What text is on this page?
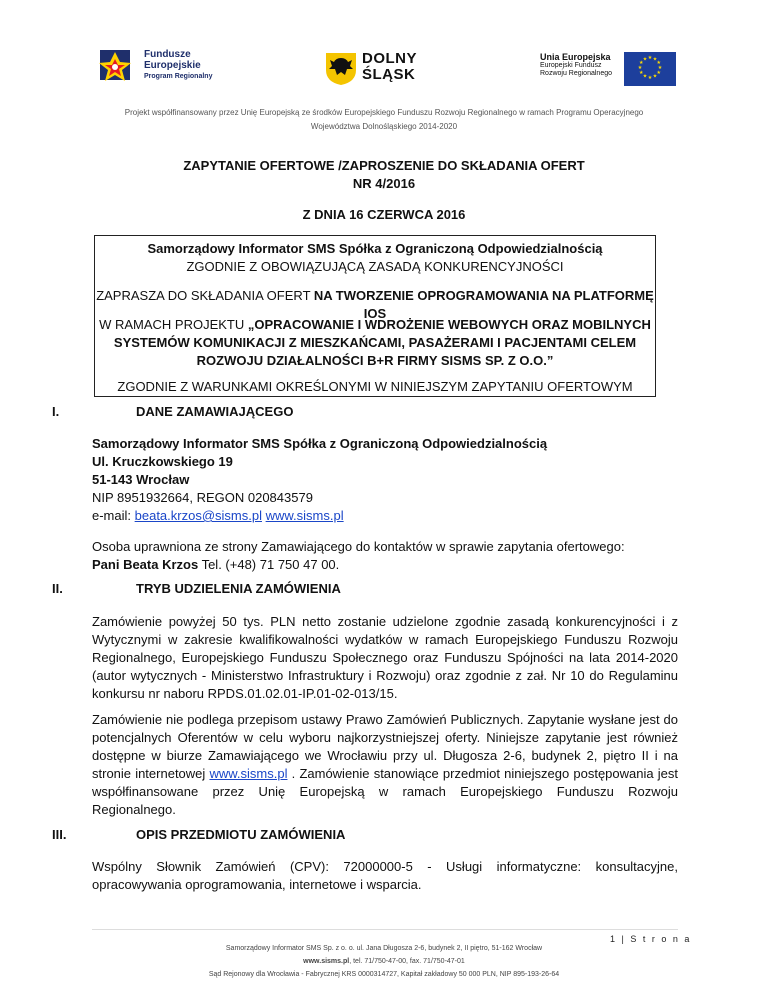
Fundusze
Europejskie
Program Regionalny
DOLNY
ŚLĄSK
Unia Europejska
Europejski Fundusz
Rozwoju Regionalnego
★ ★
★
★
★
★
★
★
★
★
★
★
Projekt współfinansowany przez Unię Europejską ze środków Europejskiego Funduszu Rozwoju Regionalnego w ramach Programu Operacyjnego
Województwa Dolnośląskiego 2014-2020
ZAPYTANIE OFERTOWE /ZAPROSZENIE DO SKŁADANIA OFERT
NR 4/2016
Z DNIA 16 CZERWCA 2016
Samorządowy Informator SMS Spółka z Ograniczoną Odpowiedzialnością
ZGODNIE Z OBOWIĄZUJĄCĄ ZASADĄ KONKURENCYJNOŚCI
ZAPRASZA DO SKŁADANIA OFERT NA TWORZENIE OPROGRAMOWANIA NA PLATFORMĘ IOS
W RAMACH PROJEKTU „OPRACOWANIE I WDROŻENIE WEBOWYCH ORAZ MOBILNYCH
SYSTEMÓW KOMUNIKACJI Z MIESZKAŃCAMI, PASAŻERAMI I PACJENTAMI CELEM
ROZWOJU DZIAŁALNOŚCI B+R FIRMY SISMS SP. Z O.O.”
ZGODNIE Z WARUNKAMI OKREŚLONYMI W NINIEJSZYM ZAPYTANIU OFERTOWYM
I.	DANE ZAMAWIAJĄCEGO
Samorządowy Informator SMS Spółka z Ograniczoną Odpowiedzialnością
Ul. Kruczkowskiego 19
51-143 Wrocław
NIP 8951932664, REGON 020843579
e-mail: beata.krzos@sisms.pl www.sisms.pl
Osoba uprawniona ze strony Zamawiającego do kontaktów w sprawie zapytania ofertowego:
Pani Beata Krzos Tel. (+48) 71 750 47 00.
II.	TRYB UDZIELENIA ZAMÓWIENIA

Zamówienie powyżej 50 tys. PLN netto zostanie udzielone zgodnie zasadą konkurencyjności i z Wytycznymi w zakresie kwalifikowalności wydatków w ramach Europejskiego Funduszu Rozwoju Regionalnego, Europejskiego Funduszu Społecznego oraz Funduszu Spójności na lata 2014-2020 (autor wytycznych - Ministerstwo Infrastruktury i Rozwoju) oraz zgodnie z zał. Nr 10 do Regulaminu konkursu nr naboru RPDS.01.02.01-IP.01-02-013/15.

Zamówienie nie podlega przepisom ustawy Prawo Zamówień Publicznych. Zapytanie wysłane jest do potencjalnych Oferentów w celu wyboru najkorzystniejszej oferty. Niniejsze zapytanie jest również dostępne w biurze Zamawiającego we Wrocławiu przy ul. Długosza 2-6, budynek 2, piętro II i na stronie internetowej www.sisms.pl . Zamówienie stanowiące przedmiot niniejszego postępowania jest współfinansowane przez Unię Europejską w ramach Europejskiego Funduszu Rozwoju Regionalnego.

III.	OPIS PRZEDMIOTU ZAMÓWIENIA

Wspólny Słownik Zamówień (CPV): 72000000-5 - Usługi informatyczne: konsultacyjne, opracowywania oprogramowania, internetowe i wsparcia.

1 | S t r o n a
Samorządowy Informator SMS Sp. z o. o. ul. Jana Długosza 2-6, budynek 2, II piętro, 51-162 Wrocław
www.sisms.pl, tel. 71/750-47-00, fax. 71/750-47-01
Sąd Rejonowy dla Wrocławia - Fabrycznej KRS 0000314727, Kapitał zakładowy 50 000 PLN, NIP 895-193-26-64
